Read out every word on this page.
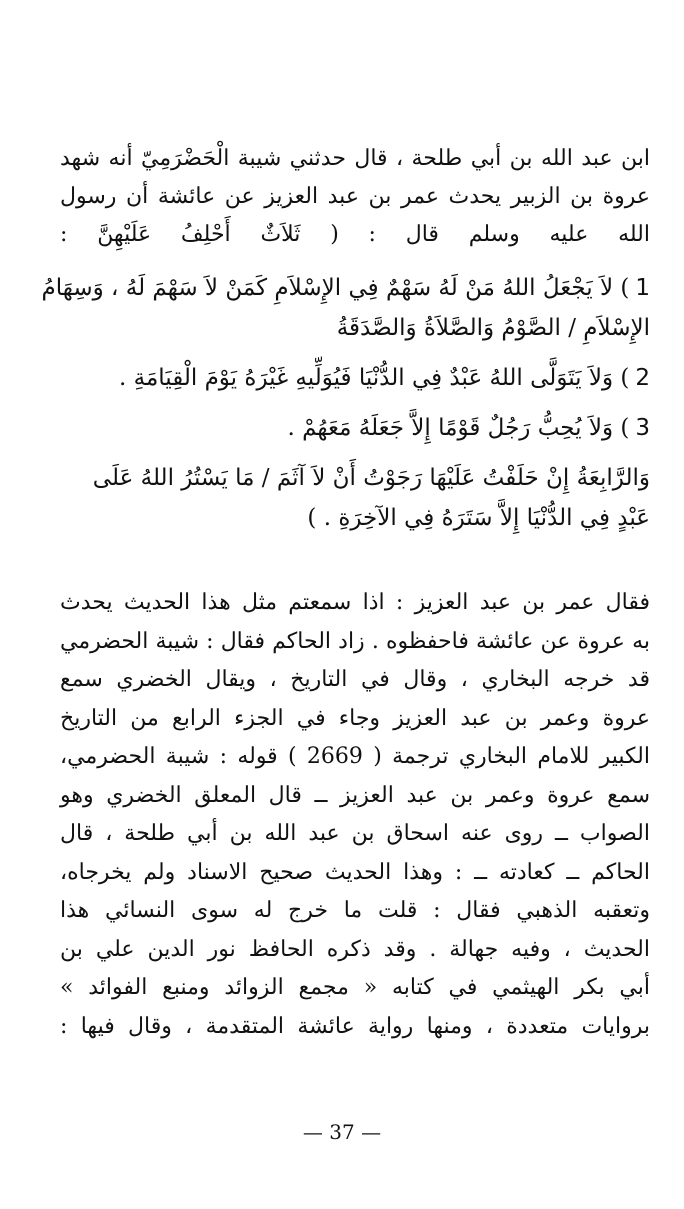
ابن عبد الله بن أبي طلحة ، قال حدثني شيبة الْحَضْرَمِيّ أنه شهد
عروة بن الزبير يحدث عمر بن عبد العزيز عن عائشة أن رسول
الله عليه وسلم قال : ( ثَلاَثٌ أَحْلِفُ عَلَيْهِنَّ :
1) لاَ يَجْعَلُ اللهُ مَنْ لَهُ سَهْمٌ فِي الإِسْلاَمِ كَمَنْ لاَ سَهْمَ لَهُ ، وَسِهَامُ
الإِسْلاَمِ / الصَّوْمُ وَالصَّلاَةُ وَالصَّدَقَةُ
2) وَلاَ يَتَوَلَّى اللهُ عَبْدٌ فِي الدُّنْيَا فَيُوَلِّيهِ غَيْرَهُ يَوْمَ الْقِيَامَةِ .
3) وَلاَ يُحِبُّ رَجُلٌ قَوْمًا إِلاَّ جَعَلَهُ مَعَهُمْ .
وَالرَّابِعَةُ إِنْ حَلَفْتُ عَلَيْهَا رَجَوْتُ أَنْ لاَ آثَمَ / مَا يَسْتُرُ اللهُ عَلَى
عَبْدٍ فِي الدُّنْيَا إِلاَّ سَتَرَهُ فِي الآخِرَةِ . )
فقال عمر بن عبد العزيز : اذا سمعتم مثل هذا الحديث يحدث
به عروة عن عائشة فاحفظوه . زاد الحاكم فقال : شيبة الحضرمي
قد خرجه البخاري ، وقال في التاريخ ، ويقال الخضري سمع
عروة وعمر بن عبد العزيز وجاء في الجزء الرابع من التاريخ
الكبير للامام البخاري ترجمة ( 2669 ) قوله : شيبة الحضرمي،
سمع عروة وعمر بن عبد العزيز ــ قال المعلق الخضري وهو
الصواب ــ روى عنه اسحاق بن عبد الله بن أبي طلحة ، قال
الحاكم ــ كعادته ــ : وهذا الحديث صحيح الاسناد ولم يخرجاه،
وتعقبه الذهبي فقال : قلت ما خرج له سوى النسائي هذا
الحديث ، وفيه جهالة . وقد ذكره الحافظ نور الدين علي بن
أبي بكر الهيثمي في كتابه « مجمع الزوائد ومنبع الفوائد »
بروايات متعددة ، ومنها رواية عائشة المتقدمة ، وقال فيها :
— 37 —
